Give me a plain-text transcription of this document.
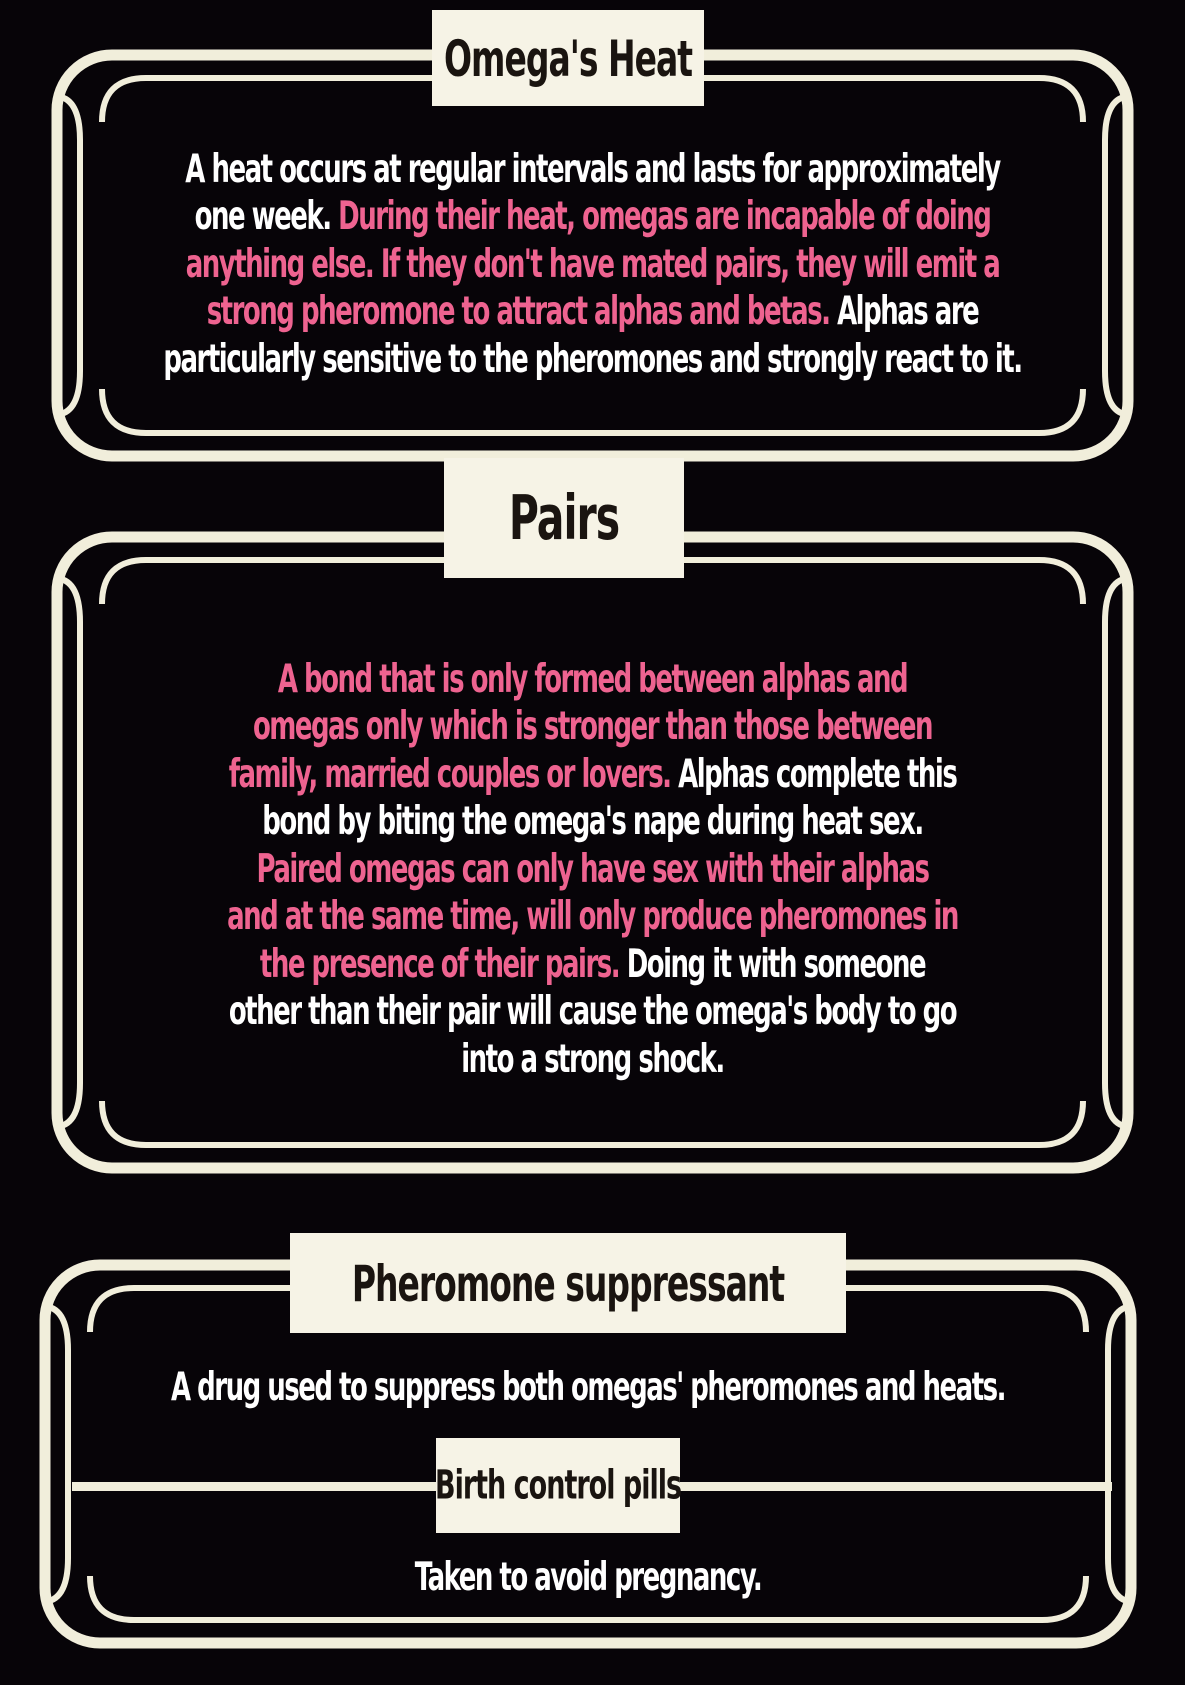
Omega's Heat
Pairs
Pheromone suppressant
Birth control pills
A heat occurs at regular intervals and lasts for approximately
one week. During their heat, omegas are incapable of doing
anything else. If they don't have mated pairs, they will emit a
strong pheromone to attract alphas and betas. Alphas are
particularly sensitive to the pheromones and strongly react to it.
A bond that is only formed between alphas and
omegas only which is stronger than those between
family, married couples or lovers. Alphas complete this
bond by biting the omega's nape during heat sex.
Paired omegas can only have sex with their alphas
and at the same time, will only produce pheromones in
the presence of their pairs. Doing it with someone
other than their pair will cause the omega's body to go
into a strong shock.
A drug used to suppress both omegas' pheromones and heats.
Taken to avoid pregnancy.
